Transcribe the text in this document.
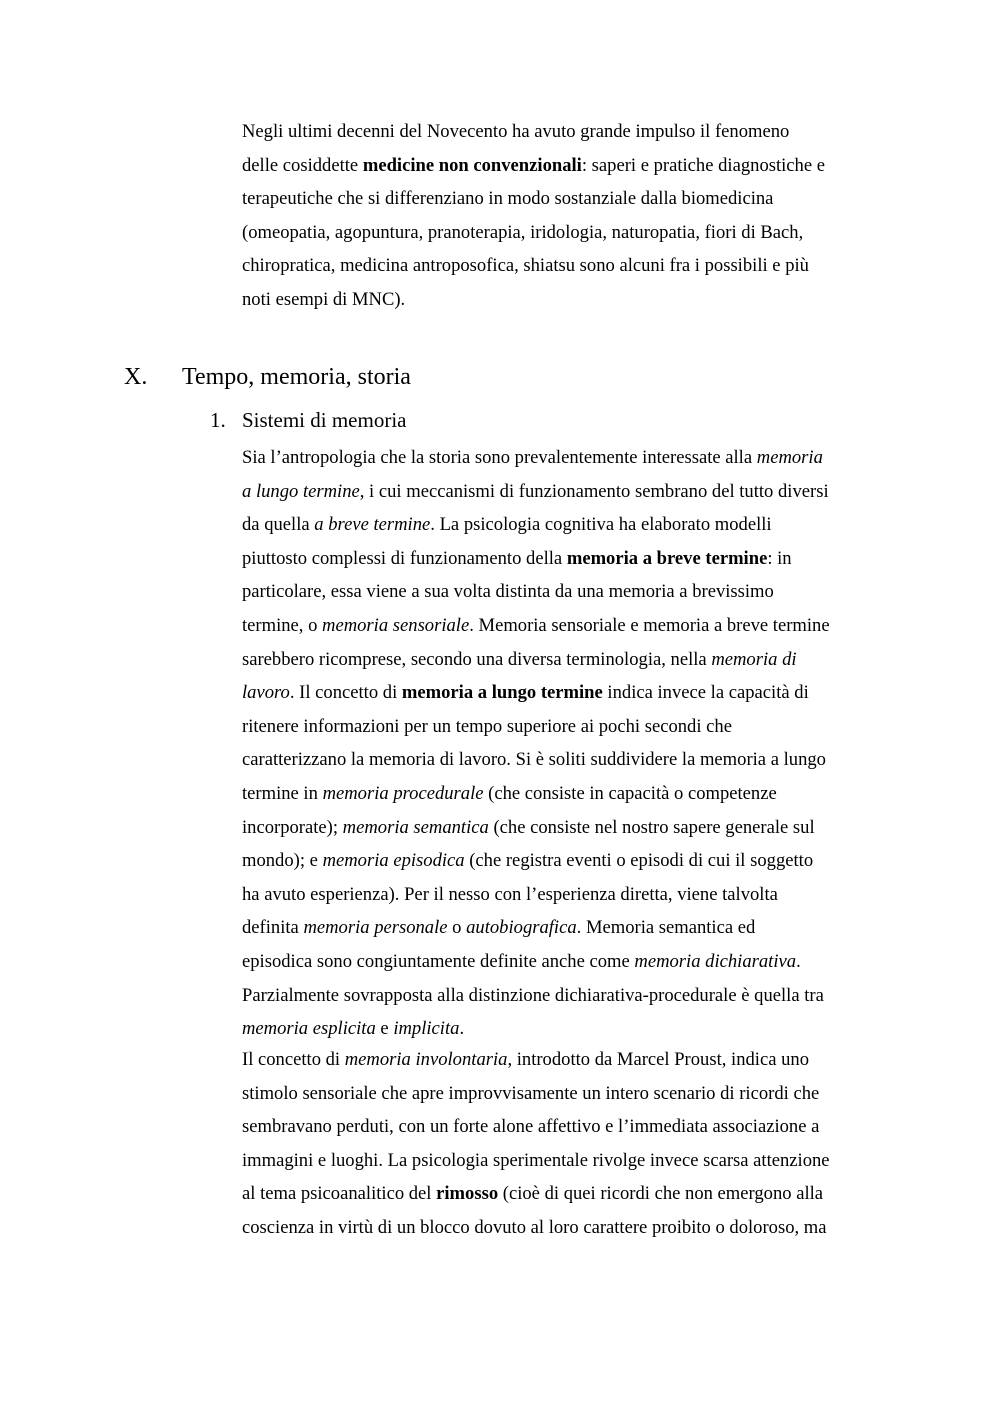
Negli ultimi decenni del Novecento ha avuto grande impulso il fenomeno
delle cosiddette medicine non convenzionali: saperi e pratiche diagnostiche e
terapeutiche che si differenziano in modo sostanziale dalla biomedicina
(omeopatia, agopuntura, pranoterapia, iridologia, naturopatia, fiori di Bach,
chiropratica, medicina antroposofica, shiatsu sono alcuni fra i possibili e più
noti esempi di MNC).
X. Tempo, memoria, storia
1. Sistemi di memoria
Sia l’antropologia che la storia sono prevalentemente interessate alla memoria
a lungo termine, i cui meccanismi di funzionamento sembrano del tutto diversi
da quella a breve termine. La psicologia cognitiva ha elaborato modelli
piuttosto complessi di funzionamento della memoria a breve termine: in
particolare, essa viene a sua volta distinta da una memoria a brevissimo
termine, o memoria sensoriale. Memoria sensoriale e memoria a breve termine
sarebbero ricomprese, secondo una diversa terminologia, nella memoria di
lavoro. Il concetto di memoria a lungo termine indica invece la capacità di
ritenere informazioni per un tempo superiore ai pochi secondi che
caratterizzano la memoria di lavoro. Si è soliti suddividere la memoria a lungo
termine in memoria procedurale (che consiste in capacità o competenze
incorporate); memoria semantica (che consiste nel nostro sapere generale sul
mondo); e memoria episodica (che registra eventi o episodi di cui il soggetto
ha avuto esperienza). Per il nesso con l’esperienza diretta, viene talvolta
definita memoria personale o autobiografica. Memoria semantica ed
episodica sono congiuntamente definite anche come memoria dichiarativa.
Parzialmente sovrapposta alla distinzione dichiarativa-procedurale è quella tra
memoria esplicita e implicita.
Il concetto di memoria involontaria, introdotto da Marcel Proust, indica uno
stimolo sensoriale che apre improvvisamente un intero scenario di ricordi che
sembravano perduti, con un forte alone affettivo e l’immediata associazione a
immagini e luoghi. La psicologia sperimentale rivolge invece scarsa attenzione
al tema psicoanalitico del rimosso (cioè di quei ricordi che non emergono alla
coscienza in virtù di un blocco dovuto al loro carattere proibito o doloroso, ma
